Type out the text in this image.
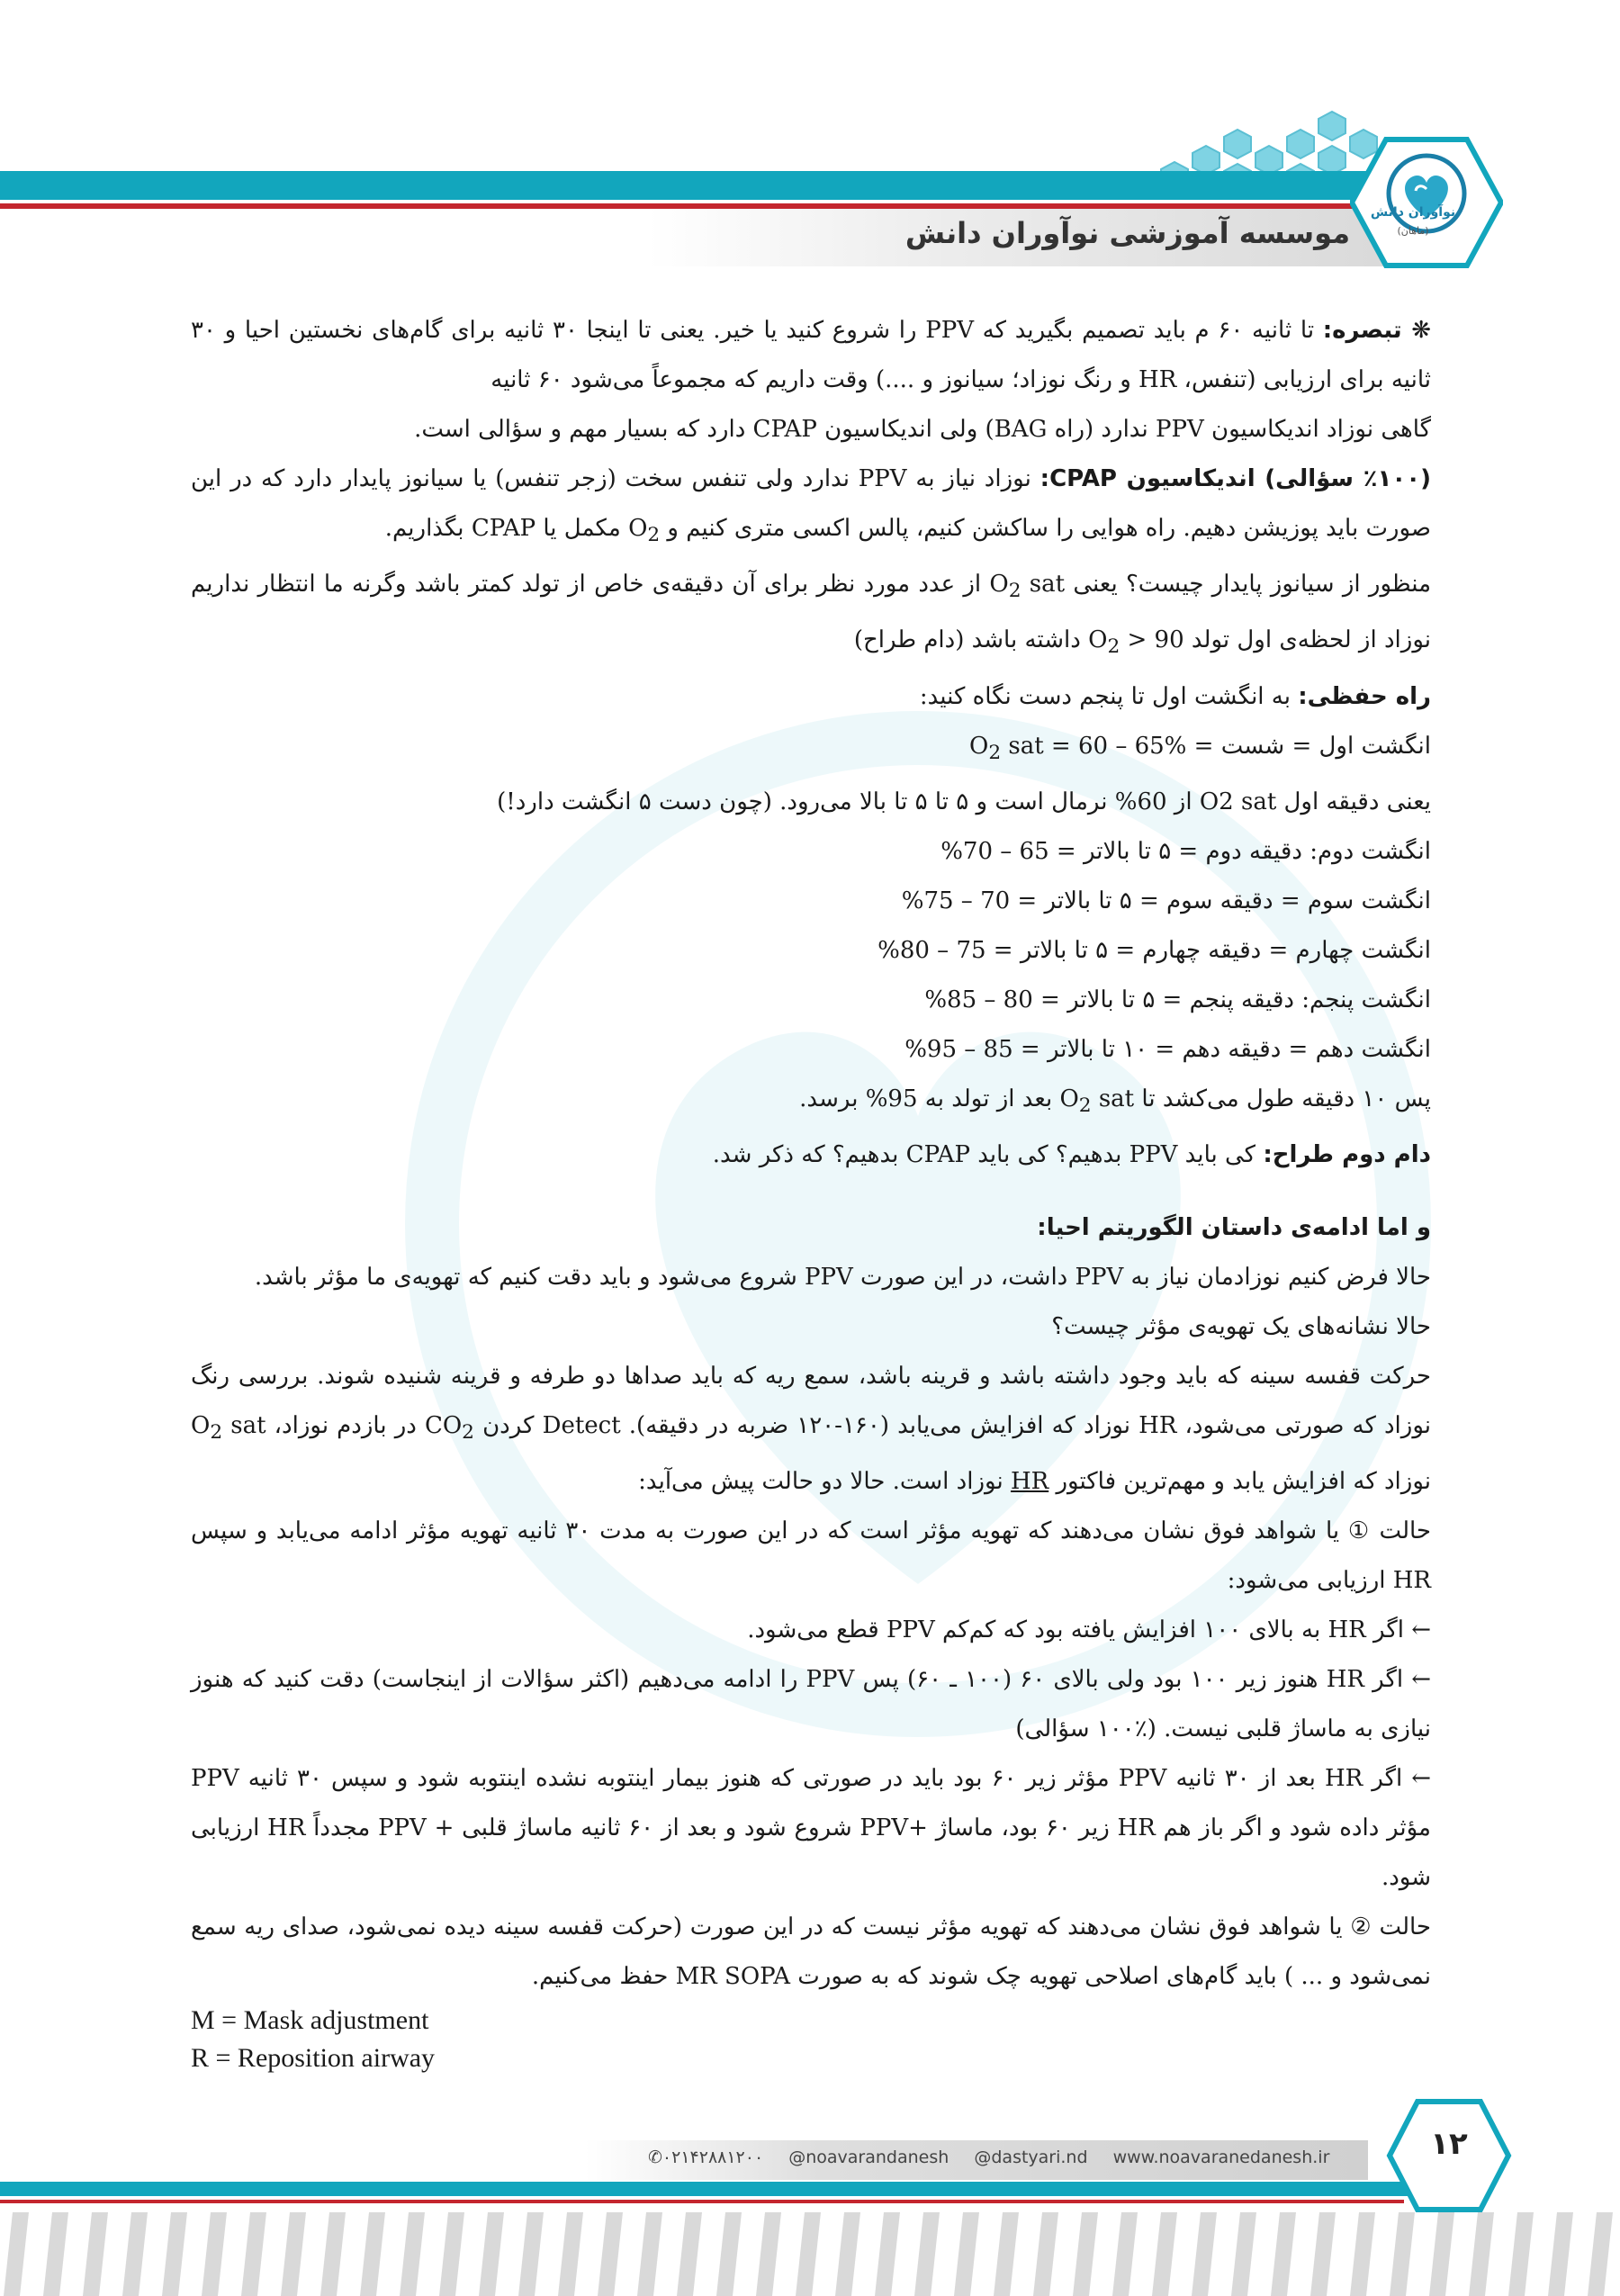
موسسه آموزشی نوآوران دانش
نوآوران دانش
(ماهان)

❋ تبصره: تا ثانیه ۶۰ م باید تصمیم بگیرید که PPV را شروع کنید یا خیر. یعنی تا اینجا ۳۰ ثانیه برای گام‌های نخستین احیا و ۳۰ ثانیه برای ارزیابی (تنفس، HR و رنگ نوزاد؛ سیانوز و ....) وقت داریم که مجموعاً می‌شود ۶۰ ثانیه

گاهی نوزاد اندیکاسیون PPV ندارد (راه BAG) ولی اندیکاسیون CPAP دارد که بسیار مهم و سؤالی است.

(٪۱۰۰ سؤالی) اندیکاسیون CPAP: نوزاد نیاز به PPV ندارد ولی تنفس سخت (زجر تنفس) یا سیانوز پایدار دارد که در این صورت باید پوزیشن دهیم. راه هوایی را ساکشن کنیم، پالس اکسی متری کنیم و $O_2$ مکمل یا CPAP بگذاریم.

منظور از سیانوز پایدار چیست؟ یعنی $O_2$ sat از عدد مورد نظر برای آن دقیقه‌ی خاص از تولد کمتر باشد وگرنه ما انتظار نداریم نوزاد از لحظه‌ی اول تولد $O_2 > 90$ داشته باشد (دام طراح)

راه حفظی: به انگشت اول تا پنجم دست نگاه کنید:

انگشت اول = شست = $O_2$ sat = 60 – 65%

یعنی دقیقه اول O2 sat از 60% نرمال است و ۵ تا ۵ تا بالا می‌رود. (چون دست ۵ انگشت دارد!)

انگشت دوم: دقیقه دوم = ۵ تا بالاتر = 65 – 70%

انگشت سوم = دقیقه سوم = ۵ تا بالاتر = 70 – 75%

انگشت چهارم = دقیقه چهارم = ۵ تا بالاتر = 75 – 80%

انگشت پنجم: دقیقه پنجم = ۵ تا بالاتر = 80 – 85%

انگشت دهم = دقیقه دهم = ۱۰ تا بالاتر = 85 – 95%

پس ۱۰ دقیقه طول می‌کشد تا $O_2$ sat بعد از تولد به 95% برسد.

دام دوم طراح: کی باید PPV بدهیم؟ کی باید CPAP بدهیم؟ که ذکر شد.

و اما ادامه‌ی داستان الگوریتم احیا:

حالا فرض کنیم نوزادمان نیاز به PPV داشت، در این صورت PPV شروع می‌شود و باید دقت کنیم که تهویه‌ی ما مؤثر باشد.

حالا نشانه‌های یک تهویه‌ی مؤثر چیست؟

حرکت قفسه سینه که باید وجود داشته باشد و قرینه باشد، سمع ریه که باید صداها دو طرفه و قرینه شنیده شوند. بررسی رنگ نوزاد که صورتی می‌شود، HR نوزاد که افزایش می‌یابد (۱۶۰-۱۲۰ ضربه در دقیقه). Detect کردن $CO_2$ در بازدم نوزاد، $O_2$ sat نوزاد که افزایش یابد و مهم‌ترین فاکتور HR نوزاد است. حالا دو حالت پیش می‌آید:

حالت ① یا شواهد فوق نشان می‌دهند که تهویه مؤثر است که در این صورت به مدت ۳۰ ثانیه تهویه مؤثر ادامه می‌یابد و سپس HR ارزیابی می‌شود:

← اگر HR به بالای ۱۰۰ افزایش یافته بود که کم‌کم PPV قطع می‌شود.

← اگر HR هنوز زیر ۱۰۰ بود ولی بالای ۶۰ (۱۰۰ ـ ۶۰) پس PPV را ادامه می‌دهیم (اکثر سؤالات از اینجاست) دقت کنید که هنوز نیازی به ماساژ قلبی نیست. (٪۱۰۰ سؤالی)

← اگر HR بعد از ۳۰ ثانیه PPV مؤثر زیر ۶۰ بود باید در صورتی که هنوز بیمار اینتوبه نشده اینتوبه شود و سپس ۳۰ ثانیه PPV مؤثر داده شود و اگر باز هم HR زیر ۶۰ بود، ماساژ +PPV شروع شود و بعد از ۶۰ ثانیه ماساژ قلبی + PPV مجدداً HR ارزیابی شود.

حالت ② یا شواهد فوق نشان می‌دهند که تهویه مؤثر نیست که در این صورت (حرکت قفسه سینه دیده نمی‌شود، صدای ریه سمع نمی‌شود و ... ) باید گام‌های اصلاحی تهویه چک شوند که به صورت MR SOPA حفظ می‌کنیم.

M = Mask adjustment

R = Reposition airway

✆۰۲۱۴۲۸۸۱۲۰۰ @noavarandanesh @dastyari.nd www.noavaranedanesh.ir	۱۲
